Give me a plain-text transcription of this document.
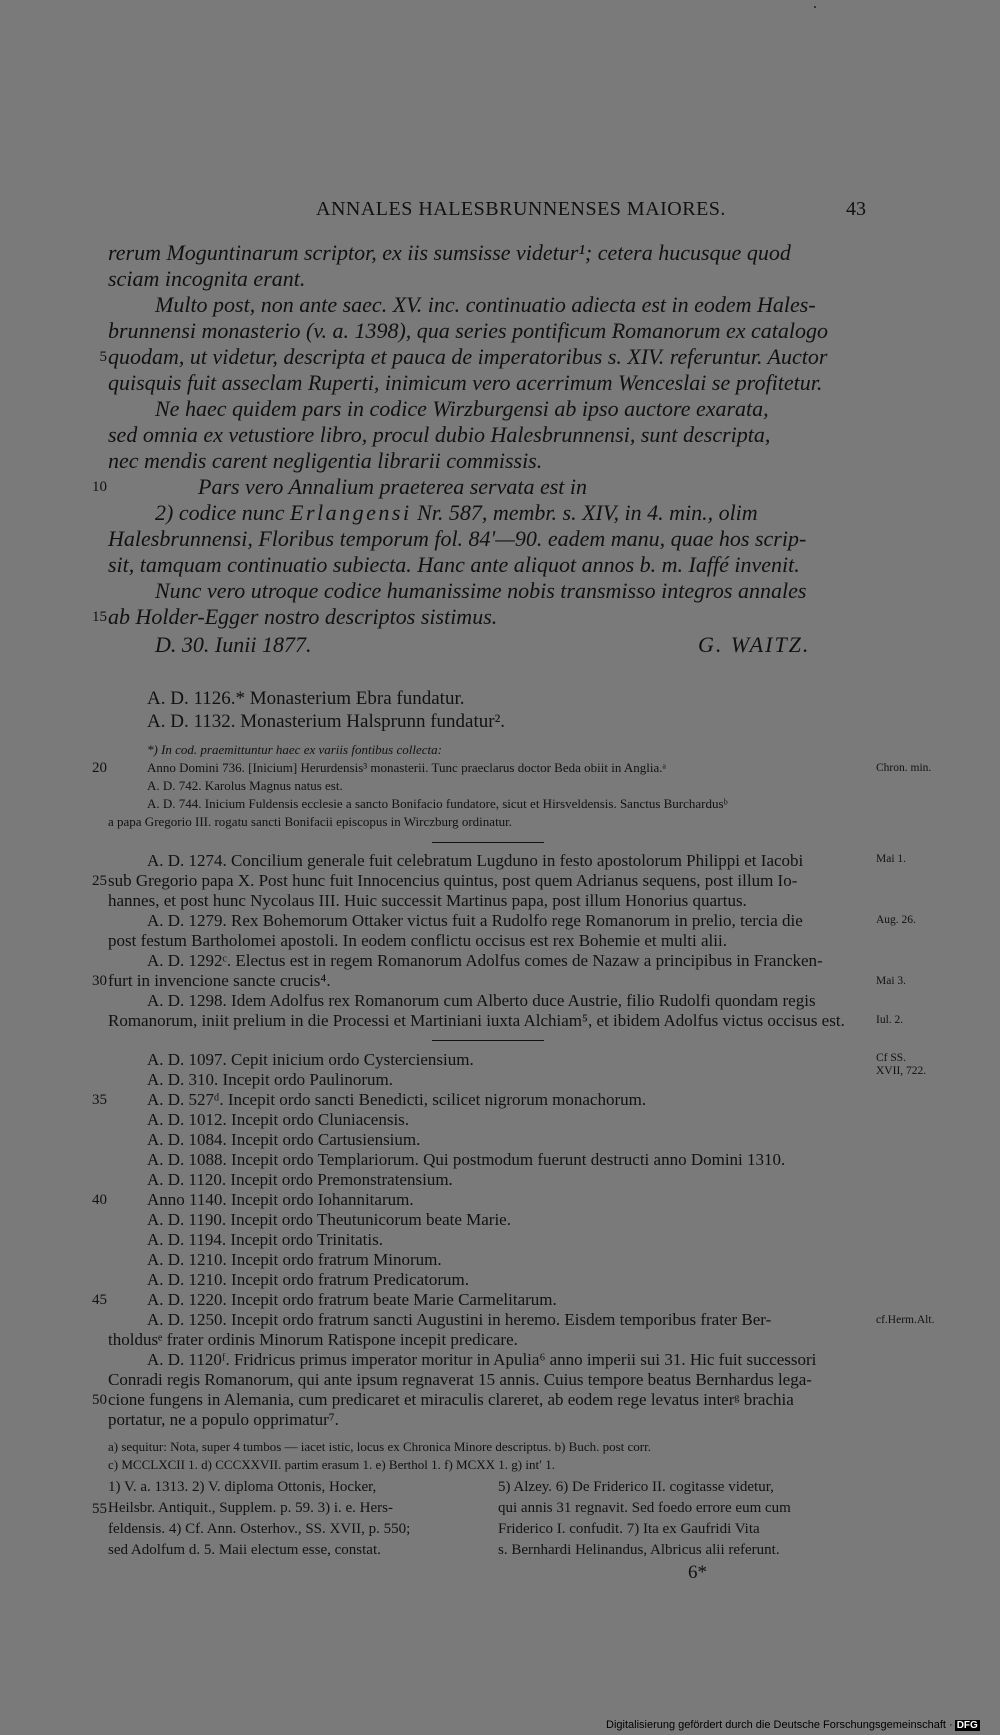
ANNALES HALESBRUNNENSES MAIORES.	43
rerum Moguntinarum scriptor, ex iis sumsisse videtur¹; cetera hucusque quod
sciam incognita erant.
Multo post, non ante saec. XV. inc. continuatio adiecta est in eodem Hales-
brunnensi monasterio (v. a. 1398), qua series pontificum Romanorum ex catalogo
quodam, ut videtur, descripta et pauca de imperatoribus s. XIV. referuntur. Auctor
quisquis fuit asseclam Ruperti, inimicum vero acerrimum Wenceslai se profitetur.
Ne haec quidem pars in codice Wirzburgensi ab ipso auctore exarata,
sed omnia ex vetustiore libro, procul dubio Halesbrunnensi, sunt descripta,
nec mendis carent negligentia librarii commissis.
Pars vero Annalium praeterea servata est in
2) codice nunc Erlangensi Nr. 587, membr. s. XIV, in 4. min., olim
Halesbrunnensi, Floribus temporum fol. 84ʹ—90. eadem manu, quae hos scrip-
sit, tamquam continuatio subiecta. Hanc ante aliquot annos b. m. Iaffé invenit.
Nunc vero utroque codice humanissime nobis transmisso integros annales
ab Holder-Egger nostro descriptos sistimus.
D. 30. Iunii 1877.	G. WAITZ.
A. D. 1126.* Monasterium Ebra fundatur.
A. D. 1132. Monasterium Halsprunn fundatur².
*) In cod. praemittuntur haec ex variis fontibus collecta:
Anno Domini 736. [Inicium] Herurdensis³ monasterii. Tunc praeclarus doctor Beda obiit in Anglia.ᵃ
A. D. 742. Karolus Magnus natus est.
A. D. 744. Inicium Fuldensis ecclesie a sancto Bonifacio fundatore, sicut et Hirsveldensis. Sanctus Burchardusᵇ
a papa Gregorio III. rogatu sancti Bonifacii episcopus in Wirczburg ordinatur.
A. D. 1274. Concilium generale fuit celebratum Lugduno in festo apostolorum Philippi et Iacobi
sub Gregorio papa X. Post hunc fuit Innocencius quintus, post quem Adrianus sequens, post illum Io-
hannes, et post hunc Nycolaus III. Huic successit Martinus papa, post illum Honorius quartus.
A. D. 1279. Rex Bohemorum Ottaker victus fuit a Rudolfo rege Romanorum in prelio, tercia die
post festum Bartholomei apostoli. In eodem conflictu occisus est rex Bohemie et multi alii.
A. D. 1292ᶜ. Electus est in regem Romanorum Adolfus comes de Nazaw a principibus in Francken-
furt in invencione sancte crucis⁴.
A. D. 1298. Idem Adolfus rex Romanorum cum Alberto duce Austrie, filio Rudolfi quondam regis
Romanorum, iniit prelium in die Processi et Martiniani iuxta Alchiam⁵, et ibidem Adolfus victus occisus est.
A. D. 1097. Cepit inicium ordo Cysterciensium.
A. D. 310. Incepit ordo Paulinorum.
A. D. 527ᵈ. Incepit ordo sancti Benedicti, scilicet nigrorum monachorum.
A. D. 1012. Incepit ordo Cluniacensis.
A. D. 1084. Incepit ordo Cartusiensium.
A. D. 1088. Incepit ordo Templariorum. Qui postmodum fuerunt destructi anno Domini 1310.
A. D. 1120. Incepit ordo Premonstratensium.
Anno 1140. Incepit ordo Iohannitarum.
A. D. 1190. Incepit ordo Theutunicorum beate Marie.
A. D. 1194. Incepit ordo Trinitatis.
A. D. 1210. Incepit ordo fratrum Minorum.
A. D. 1210. Incepit ordo fratrum Predicatorum.
A. D. 1220. Incepit ordo fratrum beate Marie Carmelitarum.
A. D. 1250. Incepit ordo fratrum sancti Augustini in heremo. Eisdem temporibus frater Ber-
tholdusᵉ frater ordinis Minorum Ratispone incepit predicare.
A. D. 1120ᶠ. Fridricus primus imperator moritur in Apulia⁶ anno imperii sui 31. Hic fuit successori
Conradi regis Romanorum, qui ante ipsum regnaverat 15 annis. Cuius tempore beatus Bernhardus lega-
cione fungens in Alemania, cum predicaret et miraculis clareret, ab eodem rege levatus interᵍ brachia
portatur, ne a populo opprimatur⁷.
a) sequitur: Nota, super 4 tumbos — iacet istic, locus ex Chronica Minore descriptus. b) Buch. post corr.
c) MCCLXCII 1. d) CCCXXVII. partim erasum 1. e) Berthol 1. f) MCXX 1. g) intʹ 1.
1) V. a. 1313. 2) V. diploma Ottonis, Hocker,
Heilsbr. Antiquit., Supplem. p. 59. 3) i. e. Hers-
feldensis. 4) Cf. Ann. Osterhov., SS. XVII, p. 550;
sed Adolfum d. 5. Maii electum esse, constat.
5) Alzey. 6) De Friderico II. cogitasse videtur,
qui annis 31 regnavit. Sed foedo errore eum cum
Friderico I. confudit. 7) Ita ex Gaufridi Vita
s. Bernhardi Helinandus, Albricus alii referunt.
6*
5
10
15
20
25
30
35
40
45
50
55
Chron. min.
Mai 1.
Aug. 26.
Mai 3.
Iul. 2.
Cf SS.
XVII, 722.
cf.Herm.Alt.
Digitalisierung gefördert durch die Deutsche Forschungsgemeinschaft · DFG
